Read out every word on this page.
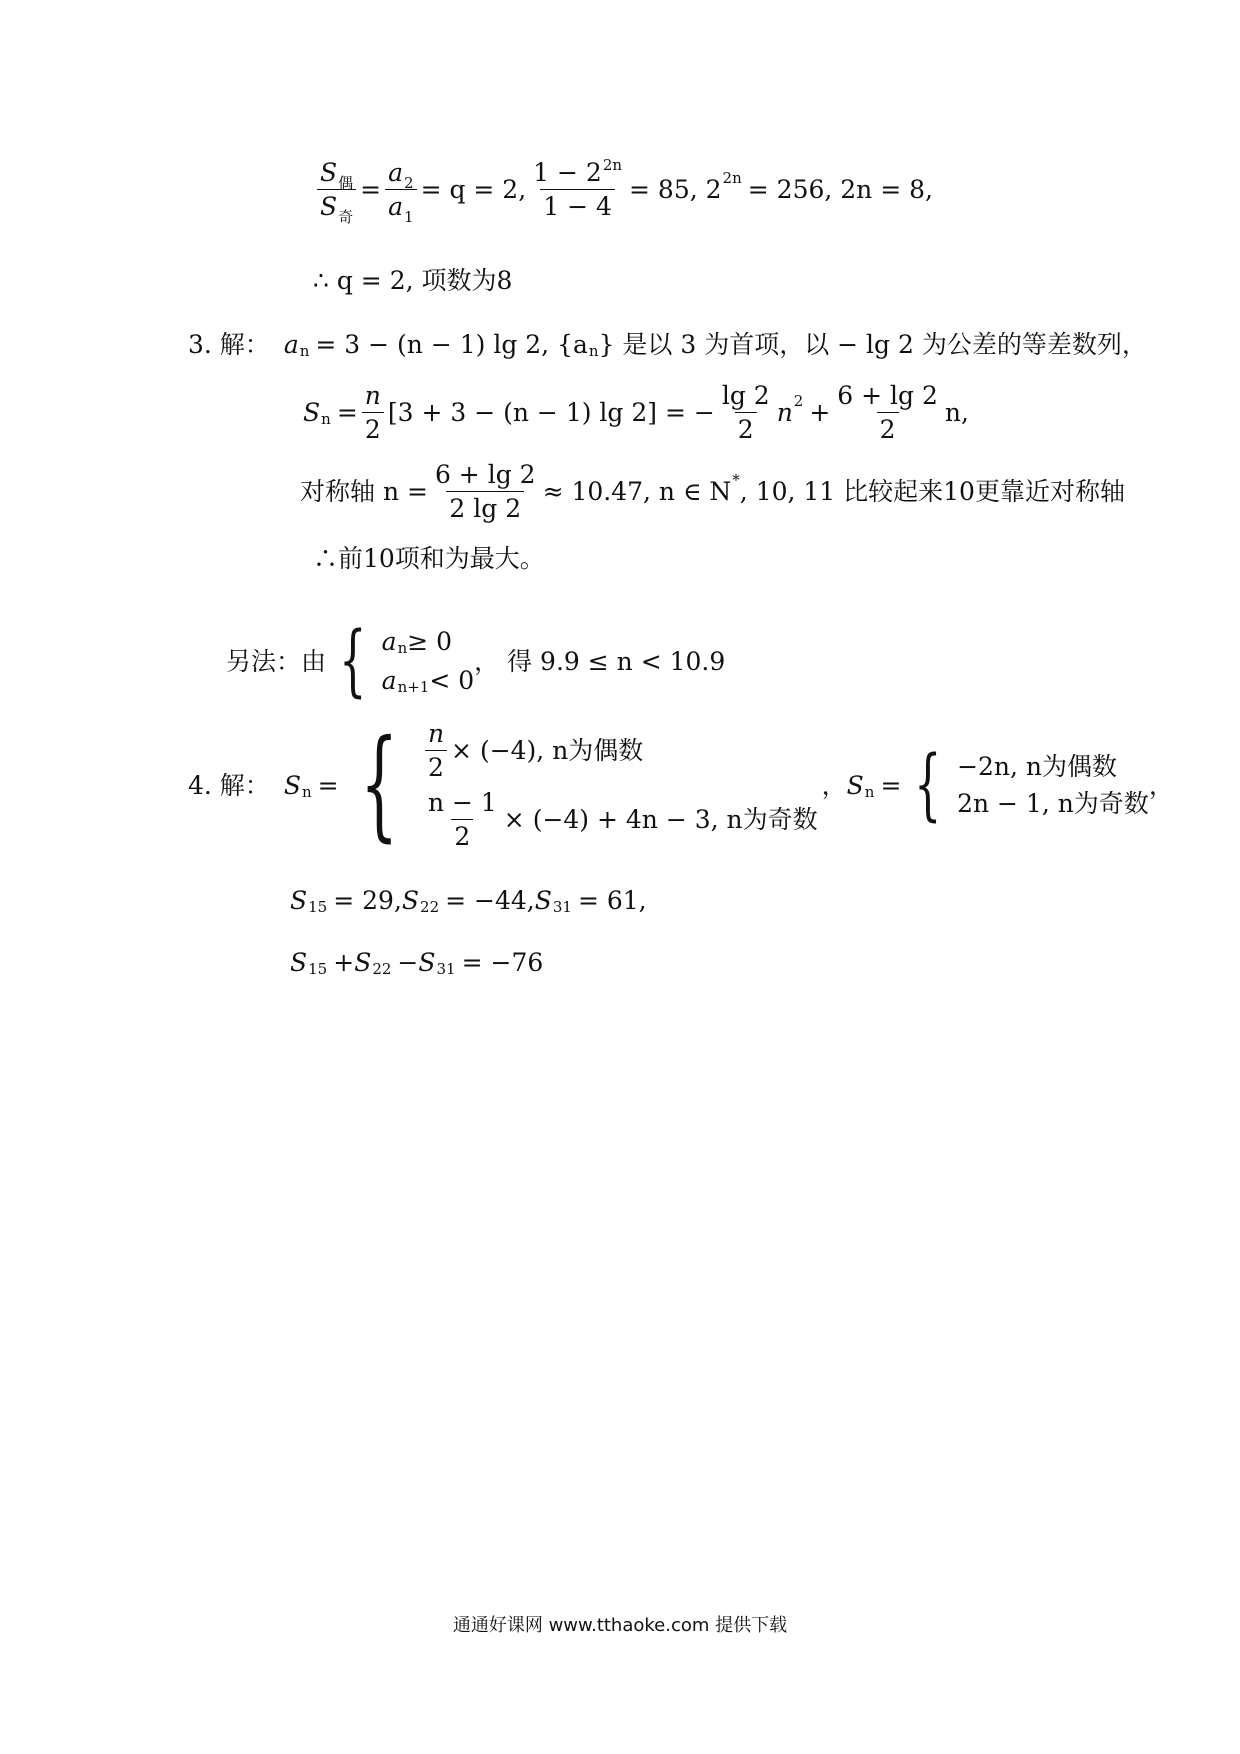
$\frac{S_偶}{S_奇} = \frac{a_2}{a_1} = q = 2$, $\frac{1 - 2^{2n}}{1 - 4} = 85$, 2 2n = 256, 2n = 8,
∴ q = 2, 项数为8
3. 解： a n = 3 − (n − 1) lg 2, {a n } 是以 3 为首项，以 − lg 2 为公差的等差数列，
S $n = \frac{n}{2} [3 + 3 - (n - 1)$ lg 2] = − $\frac{\lg 2}{2}$ n $2 + \frac{6 + \lg 2}{2} n$,
对称轴 $n = \frac{6 + \lg 2}{2 \lg 2} \approx 10.47$, n ∈ N * , 10, 11 比较起来10更靠近对称轴
∴前10项和为最大。
另法：由 { a n ≥ 0
a n+1 < 0
， 得 9.9 ≤ n < 10.9
4. 解： S n = { $\frac{n}{2} \times (-4)$, n为偶数
$\frac{n - 1}{2} \times (-4) + 4n - 3$, n为奇数
， S n = { −2n, n为偶数
2n − 1, n为奇数
，
S 15 = 29, S 22 = −44, S 31 = 61,
S 15 + S 22 − S 31 = −76
通通好课网 www.tthaoke.com 提供下载
